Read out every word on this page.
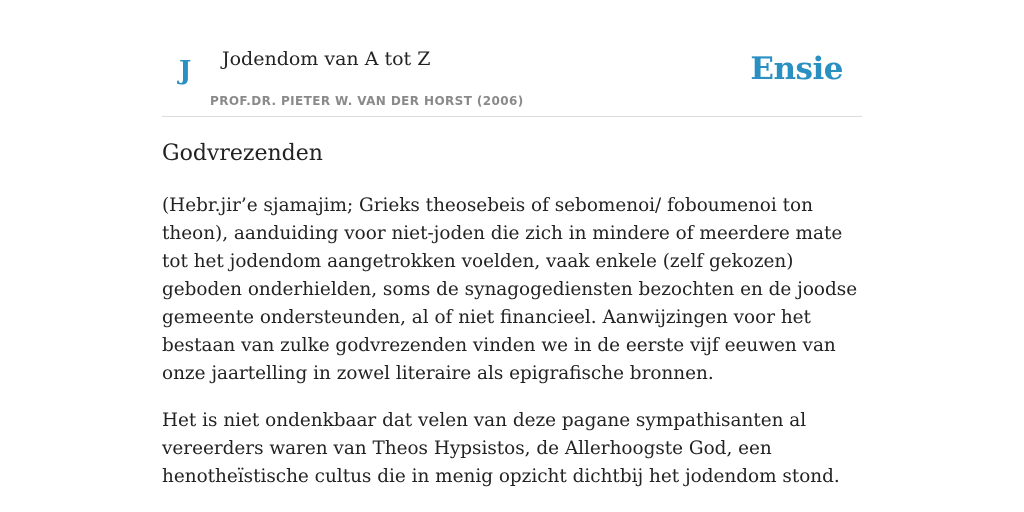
J Jodendom van A tot Z
PROF.DR. PIETER W. VAN DER HORST (2006)
Ensie
Godvrezenden

(Hebr.jir’e sjamajim; Grieks theosebeis of sebomenoi/ foboumenoi ton theon), aanduiding voor niet-joden die zich in mindere of meerdere mate tot het jodendom aangetrokken voelden, vaak enkele (zelf gekozen) geboden onderhielden, soms de synagogediensten bezochten en de joodse gemeente ondersteunden, al of niet financieel. Aanwijzingen voor het bestaan van zulke godvrezenden vinden we in de eerste vijf eeuwen van onze jaartelling in zowel literaire als epigrafische bronnen.

Het is niet ondenkbaar dat velen van deze pagane sympathisanten al vereerders waren van Theos Hypsistos, de Allerhoogste God, een henotheïstische cultus die in menig opzicht dichtbij het jodendom stond.
